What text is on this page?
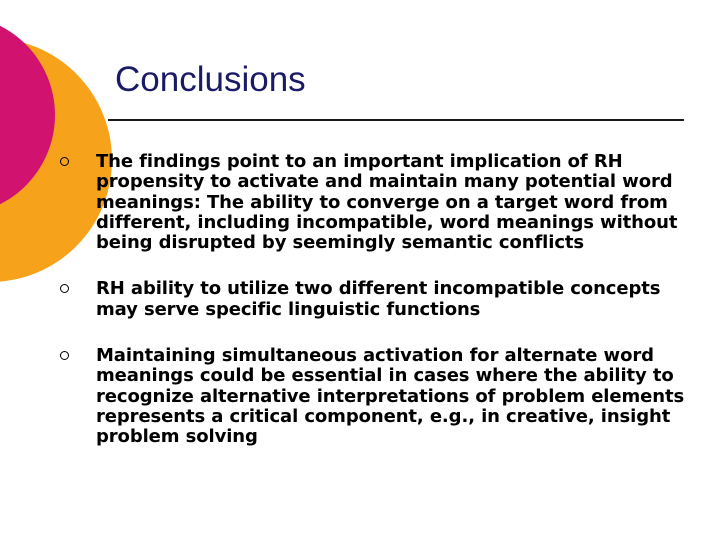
Conclusions
The findings point to an important implication of RH propensity to activate and maintain many potential word meanings: The ability to converge on a target word from different, including incompatible, word meanings without being disrupted by seemingly semantic conflicts
RH ability to utilize two different incompatible concepts may serve specific linguistic functions
Maintaining simultaneous activation for alternate word meanings could be essential in cases where the ability to recognize alternative interpretations of problem elements represents a critical component, e.g., in creative, insight problem solving
